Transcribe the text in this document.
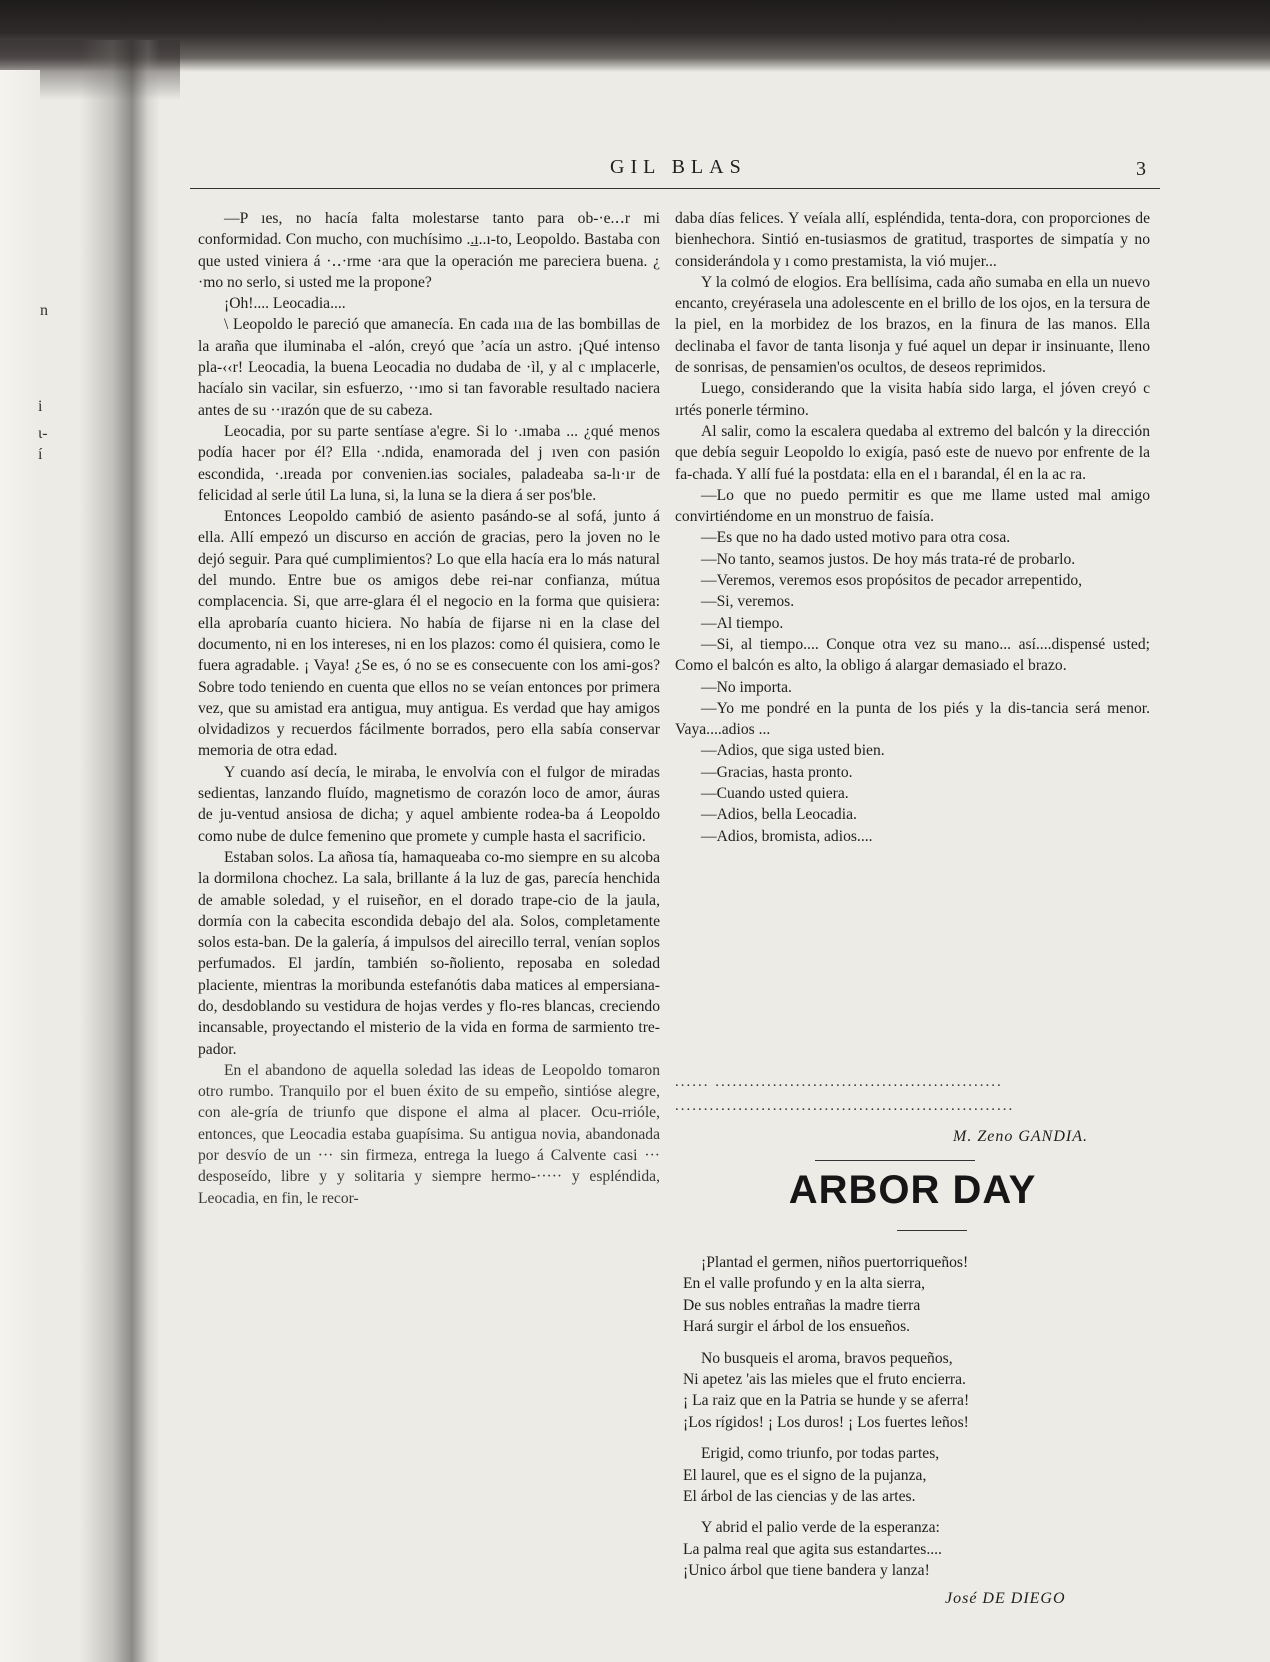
n
i
ι-
í
GIL BLAS	3

—P ıes, no hacía falta molestarse tanto para ob-·e.‥r mi conformidad. Con mucho, con muchísimo ..̲ı..ı-to, Leopoldo. Bastaba con que usted viniera á ·‥·rme ·ara que la operación me pareciera buena. ¿ ·mo no serlo, si usted me la propone?

¡Oh!.... Leocadia....

\ Leopoldo le pareció que amanecía. En cada ıııa de las bombillas de la araña que iluminaba el -alón, creyó que ʼacía un astro. ¡Qué intenso pla-‹‹r! Leocadia, la buena Leocadia no dudaba de ·ìl, y al c ımplacerle, hacíalo sin vacilar, sin esfuerzo, ··ımo si tan favorable resultado naciera antes de su ··ırazón que de su cabeza.

Leocadia, por su parte sentíase a'egre. Si lo ·.ımaba ... ¿qué menos podía hacer por él? Ella ·.ndida, enamorada del j ıven con pasión escondida, ·.ıreada por convenien.ias sociales, paladeaba sa-lı·ır de felicidad al serle útil La luna, si, la luna se la diera á ser pos'ble.

Entonces Leopoldo cambió de asiento pasándo-se al sofá, junto á ella. Allí empezó un discurso en acción de gracias, pero la joven no le dejó seguir. Para qué cumplimientos? Lo que ella hacía era lo más natural del mundo. Entre bue os amigos debe rei-nar confianza, mútua complacencia. Si, que arre-glara él el negocio en la forma que quisiera: ella aprobaría cuanto hiciera. No había de fijarse ni en la clase del documento, ni en los intereses, ni en los plazos: como él quisiera, como le fuera agradable. ¡ Vaya! ¿Se es, ó no se es consecuente con los ami-gos? Sobre todo teniendo en cuenta que ellos no se veían entonces por primera vez, que su amistad era antigua, muy antigua. Es verdad que hay amigos olvidadizos y recuerdos fácilmente borrados, pero ella sabía conservar memoria de otra edad.

Y cuando así decía, le miraba, le envolvía con el fulgor de miradas sedientas, lanzando fluído, magnetismo de corazón loco de amor, áuras de ju-ventud ansiosa de dicha; y aquel ambiente rodea-ba á Leopoldo como nube de dulce femenino que promete y cumple hasta el sacrificio.

Estaban solos. La añosa tía, hamaqueaba co-mo siempre en su alcoba la dormilona chochez. La sala, brillante á la luz de gas, parecía henchida de amable soledad, y el ruiseñor, en el dorado trape-cio de la jaula, dormía con la cabecita escondida debajo del ala. Solos, completamente solos esta-ban. De la galería, á impulsos del airecillo terral, venían soplos perfumados. El jardín, también so-ñoliento, reposaba en soledad placiente, mientras la moribunda estefanótis daba matices al empersiana-do, desdoblando su vestidura de hojas verdes y flo-res blancas, creciendo incansable, proyectando el misterio de la vida en forma de sarmiento tre-pador.

En el abandono de aquella soledad las ideas de Leopoldo tomaron otro rumbo. Tranquilo por el buen éxito de su empeño, sintióse alegre, con ale-gría de triunfo que dispone el alma al placer. Ocu-rrióle, entonces, que Leocadia estaba guapísima. Su antigua novia, abandonada por desvío de un ··· sin firmeza, entrega la luego á Calvente casi ··· desposeído, libre y y solitaria y siempre hermo-····· y espléndida, Leocadia, en fin, le recor-

daba días felices. Y veíala allí, espléndida, tenta-dora, con proporciones de bienhechora. Sintió en-tusiasmos de gratitud, trasportes de simpatía y no considerándola y ı como prestamista, la vió mujer...

Y la colmó de elogios. Era bellísima, cada año sumaba en ella un nuevo encanto, creyérasela una adolescente en el brillo de los ojos, en la tersura de la piel, en la morbidez de los brazos, en la finura de las manos. Ella declinaba el favor de tanta lisonja y fué aquel un depar ir insinuante, lleno de sonrisas, de pensamien'os ocultos, de deseos reprimidos.

Luego, considerando que la visita había sido larga, el jóven creyó c ırtés ponerle término.

Al salir, como la escalera quedaba al extremo del balcón y la dirección que debía seguir Leopoldo lo exigía, pasó este de nuevo por enfrente de la fa-chada. Y allí fué la postdata: ella en el ı barandal, él en la ac ra.

—Lo que no puedo permitir es que me llame usted mal amigo convirtiéndome en un monstruo de faisía.

—Es que no ha dado usted motivo para otra cosa.

—No tanto, seamos justos. De hoy más trata-ré de probarlo.

—Veremos, veremos esos propósitos de pecador arrepentido,

—Si, veremos.

—Al tiempo.

—Si, al tiempo.... Conque otra vez su mano... así....dispensé usted; Como el balcón es alto, la obligo á alargar demasiado el brazo.

—No importa.

—Yo me pondré en la punta de los piés y la dis-tancia será menor. Vaya....adios ...

—Adios, que siga usted bien.

—Gracias, hasta pronto.

—Cuando usted quiera.

—Adios, bella Leocadia.

—Adios, bromista, adios....

...... ..................................................
...........................................................
M. Zeno GANDIA.
ARBOR DAY
¡Plantad el germen, niños puertorriqueños!
En el valle profundo y en la alta sierra,
De sus nobles entrañas la madre tierra
Hará surgir el árbol de los ensueños.
No busqueis el aroma, bravos pequeños,
Ni apetez 'ais las mieles que el fruto encierra.
¡ La raiz que en la Patria se hunde y se aferra!
¡Los rígidos! ¡ Los duros! ¡ Los fuertes leños!
Erigid, como triunfo, por todas partes,
El laurel, que es el signo de la pujanza,
El árbol de las ciencias y de las artes.
Y abrid el palio verde de la esperanza:
La palma real que agita sus estandartes....
¡Unico árbol que tiene bandera y lanza!
José DE DIEGO
